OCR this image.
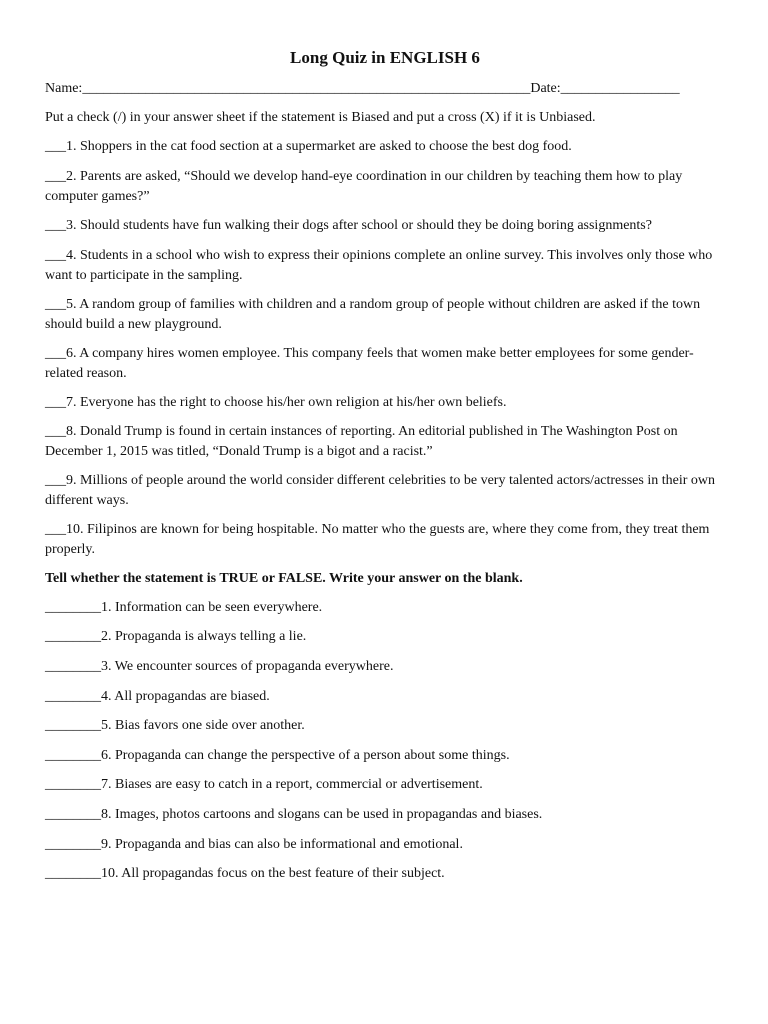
Long Quiz in ENGLISH 6
Name:________________________________________________________________Date:_________________
Put a check (/) in your answer sheet if the statement is Biased and put a cross (X) if it is Unbiased.
___1. Shoppers in the cat food section at a supermarket are asked to choose the best dog food.
___2. Parents are asked, “Should we develop hand-eye coordination in our children by teaching them how to play computer games?”
___3. Should students have fun walking their dogs after school or should they be doing boring assignments?
___4. Students in a school who wish to express their opinions complete an online survey. This involves only those who want to participate in the sampling.
___5. A random group of families with children and a random group of people without children are asked if the town should build a new playground.
___6. A company hires women employee. This company feels that women make better employees for some gender-related reason.
___7. Everyone has the right to choose his/her own religion at his/her own beliefs.
___8. Donald Trump is found in certain instances of reporting. An editorial published in The Washington Post on December 1, 2015 was titled, “Donald Trump is a bigot and a racist.”
___9. Millions of people around the world consider different celebrities to be very talented actors/actresses in their own different ways.
___10. Filipinos are known for being hospitable. No matter who the guests are, where they come from, they treat them properly.
Tell whether the statement is TRUE or FALSE. Write your answer on the blank.
________1. Information can be seen everywhere.
________2. Propaganda is always telling a lie.
________3. We encounter sources of propaganda everywhere.
________4. All propagandas are biased.
________5. Bias favors one side over another.
________6. Propaganda can change the perspective of a person about some things.
________7. Biases are easy to catch in a report, commercial or advertisement.
________8. Images, photos cartoons and slogans can be used in propagandas and biases.
________9. Propaganda and bias can also be informational and emotional.
________10. All propagandas focus on the best feature of their subject.
